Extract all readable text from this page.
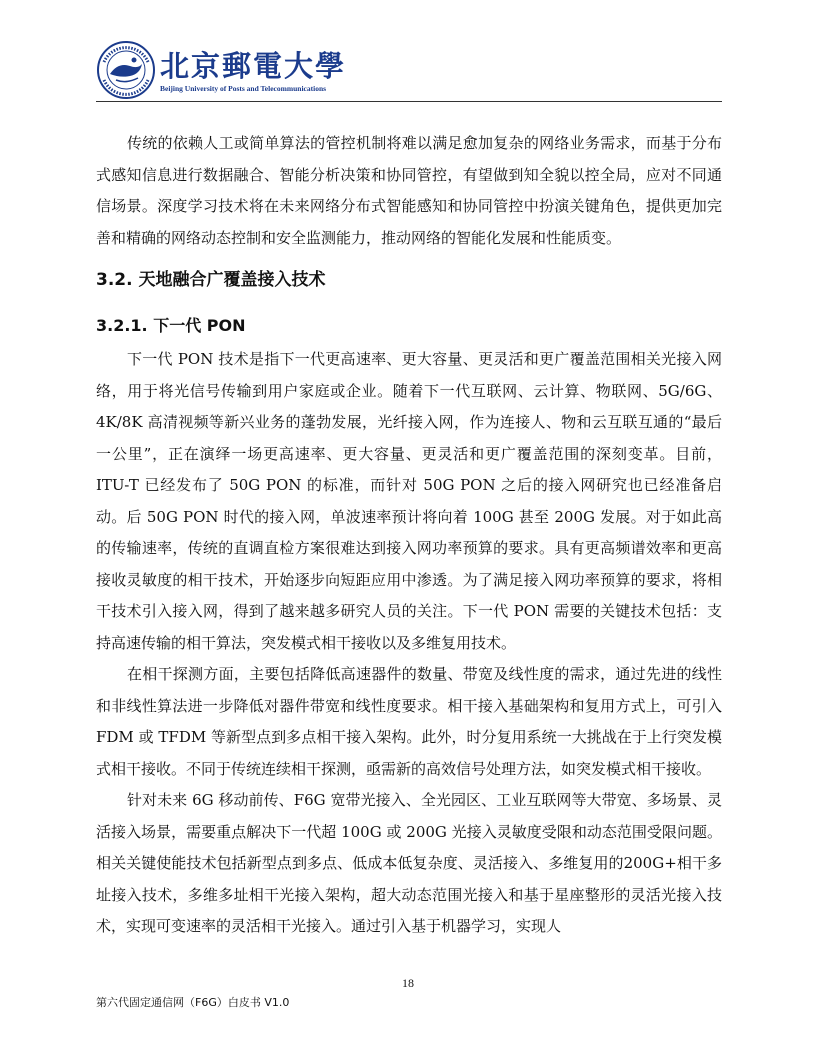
北京郵電大學
Beijing University of Posts and Telecommunications

传统的依赖人工或简单算法的管控机制将难以满足愈加复杂的网络业务需求，而基于分布式感知信息进行数据融合、智能分析决策和协同管控，有望做到知全貌以控全局，应对不同通信场景。深度学习技术将在未来网络分布式智能感知和协同管控中扮演关键角色，提供更加完善和精确的网络动态控制和安全监测能力，推动网络的智能化发展和性能质变。

3.2. 天地融合广覆盖接入技术
3.2.1. 下一代 PON

下一代 PON 技术是指下一代更高速率、更大容量、更灵活和更广覆盖范围相关光接入网络，用于将光信号传输到用户家庭或企业。随着下一代互联网、云计算、物联网、5G/6G、4K/8K 高清视频等新兴业务的蓬勃发展，光纤接入网，作为连接人、物和云互联互通的“最后一公里”，正在演绎一场更高速率、更大容量、更灵活和更广覆盖范围的深刻变革。目前，ITU-T 已经发布了 50G PON 的标准，而针对 50G PON 之后的接入网研究也已经准备启动。后 50G PON 时代的接入网，单波速率预计将向着 100G 甚至 200G 发展。对于如此高的传输速率，传统的直调直检方案很难达到接入网功率预算的要求。具有更高频谱效率和更高接收灵敏度的相干技术，开始逐步向短距应用中渗透。为了满足接入网功率预算的要求，将相干技术引入接入网，得到了越来越多研究人员的关注。下一代 PON 需要的关键技术包括：支持高速传输的相干算法，突发模式相干接收以及多维复用技术。

在相干探测方面，主要包括降低高速器件的数量、带宽及线性度的需求，通过先进的线性和非线性算法进一步降低对器件带宽和线性度要求。相干接入基础架构和复用方式上，可引入 FDM 或 TFDM 等新型点到多点相干接入架构。此外，时分复用系统一大挑战在于上行突发模式相干接收。不同于传统连续相干探测，亟需新的高效信号处理方法，如突发模式相干接收。

针对未来 6G 移动前传、F6G 宽带光接入、全光园区、工业互联网等大带宽、多场景、灵活接入场景，需要重点解决下一代超 100G 或 200G 光接入灵敏度受限和动态范围受限问题。相关关键使能技术包括新型点到多点、低成本低复杂度、灵活接入、多维复用的200G+相干多址接入技术，多维多址相干光接入架构，超大动态范围光接入和基于星座整形的灵活光接入技术，实现可变速率的灵活相干光接入。通过引入基于机器学习，实现人

18
第六代固定通信网（F6G）白皮书 V1.0
